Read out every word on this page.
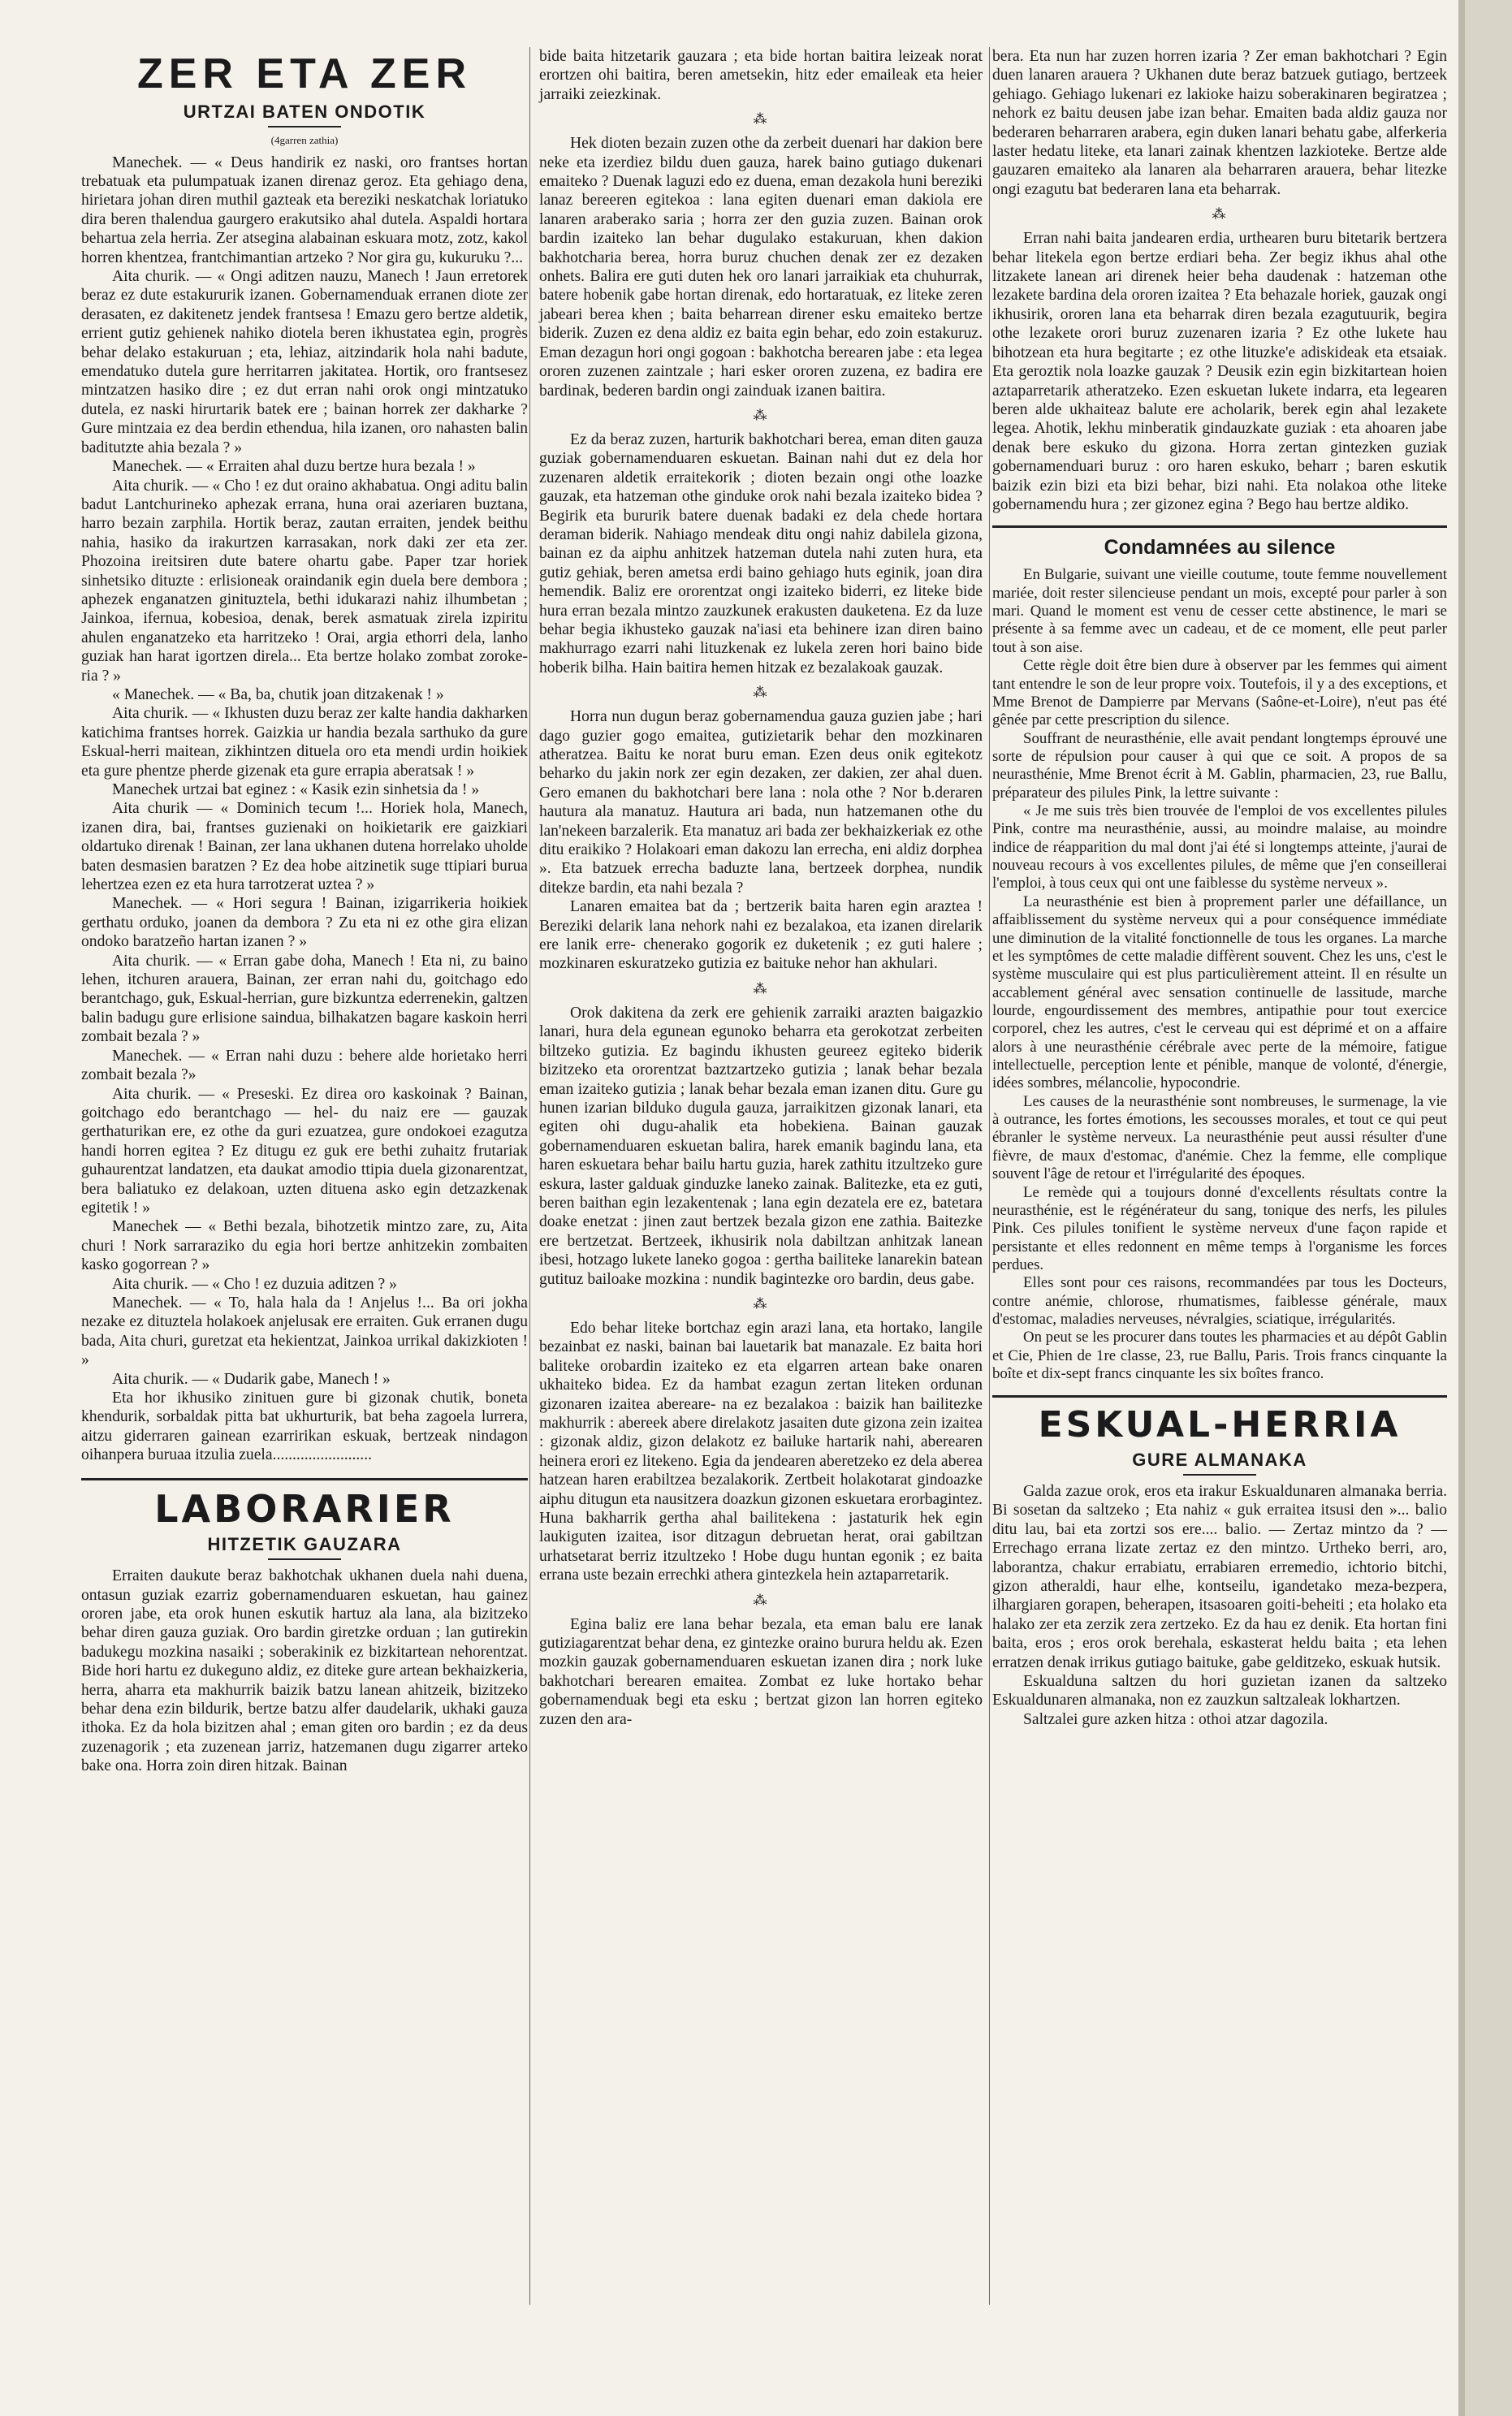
ZER ETA ZER
URTZAI BATEN ONDOTIK
(4garren zathia)

Manechek. — « Deus handirik ez naski, oro frantses hortan trebatuak eta pulumpatuak izanen direnaz geroz. Eta gehiago dena, hirietara johan diren muthil gazteak eta bereziki neskatchak loriatuko dira beren thalendua gaurgero erakutsiko ahal dutela. Aspaldi hortara behartua zela herria. Zer atsegina alabainan eskuara motz, zotz, kakol horren khentzea, frantchimantian artzeko ? Nor gira gu, kukuruku ?...

Aita churik. — « Ongi aditzen nauzu, Manech ! Jaun erretorek beraz ez dute estakururik izanen. Gobernamenduak erranen diote zer derasaten, ez dakitenetz jendek frantsesa ! Emazu gero bertze aldetik, errient gutiz gehienek nahiko diotela beren ikhustatea egin, progrès behar delako estakuruan ; eta, lehiaz, aitzindarik hola nahi badute, emendatuko dutela gure herritarren jakitatea. Hortik, oro frantsesez mintzatzen hasiko dire ; ez dut erran nahi orok ongi mintzatuko dutela, ez naski hirurtarik batek ere ; bainan horrek zer dakharke ? Gure mintzaia ez dea berdin ethendua, hila izanen, oro nahasten balin baditutzte ahia bezala ? »

Manechek. — « Erraiten ahal duzu bertze hura bezala ! »

Aita churik. — « Cho ! ez dut oraino akhabatua. Ongi aditu balin badut Lantchurineko aphezak errana, huna orai azeriaren buztana, harro bezain zarphila. Hortik beraz, zautan erraiten, jendek beithu nahia, hasiko da irakurtzen karrasakan, nork daki zer eta zer. Phozoina ireitsiren dute batere ohartu gabe. Paper tzar horiek sinhetsiko dituzte : erlisioneak oraindanik egin duela bere dembora ; aphezek enganatzen ginituztela, bethi idukarazi nahiz ilhumbetan ; Jainkoa, ifernua, kobesioa, denak, berek asmatuak zirela izpiritu ahulen enganatzeko eta harritzeko ! Orai, argia ethorri dela, lanho guziak han harat igortzen direla... Eta bertze holako zombat zoroke-ria ? »

« Manechek. — « Ba, ba, chutik joan ditzakenak ! »

Aita churik. — « Ikhusten duzu beraz zer kalte handia dakharken katichima frantses horrek. Gaizkia ur handia bezala sarthuko da gure Eskual-herri maitean, zikhintzen dituela oro eta mendi urdin hoikiek eta gure phentze pherde gizenak eta gure errapia aberatsak ! »

Manechek urtzai bat eginez : « Kasik ezin sinhetsia da ! »

Aita churik — « Dominich tecum !... Horiek hola, Manech, izanen dira, bai, frantses guzienaki on hoikietarik ere gaizkiari oldartuko direnak ! Bainan, zer lana ukhanen dutena horrelako uholde baten desmasien baratzen ? Ez dea hobe aitzinetik suge ttipiari burua lehertzea ezen ez eta hura tarrotzerat uztea ? »

Manechek. — « Hori segura ! Bainan, izigarrikeria hoikiek gerthatu orduko, joanen da dembora ? Zu eta ni ez othe gira elizan ondoko baratzeño hartan izanen ? »

Aita churik. — « Erran gabe doha, Manech ! Eta ni, zu baino lehen, itchuren arauera, Bainan, zer erran nahi du, goitchago edo berantchago, guk, Eskual-herrian, gure bizkuntza ederrenekin, galtzen balin badugu gure erlisione saindua, bilhakatzen bagare kaskoin herri zombait bezala ? »

Manechek. — « Erran nahi duzu : behere alde horietako herri zombait bezala ?»

Aita churik. — « Preseski. Ez direa oro kaskoinak ? Bainan, goitchago edo berantchago — hel- du naiz ere — gauzak gerthaturikan ere, ez othe da guri ezuatzea, gure ondokoei ezagutza handi horren egitea ? Ez ditugu ez guk ere bethi zuhaitz frutariak guhaurentzat landatzen, eta daukat amodio ttipia duela gizonarentzat, bera baliatuko ez delakoan, uzten dituena asko egin detzazkenak egitetik ! »

Manechek — « Bethi bezala, bihotzetik mintzo zare, zu, Aita churi ! Nork sarraraziko du egia hori bertze anhitzekin zombaiten kasko gogorrean ? »

Aita churik. — « Cho ! ez duzuia aditzen ? »

Manechek. — « To, hala hala da ! Anjelus !... Ba ori jokha nezake ez dituztela holakoek anjelusak ere erraiten. Guk erranen dugu bada, Aita churi, guretzat eta hekientzat, Jainkoa urrikal dakizkioten ! »

Aita churik. — « Dudarik gabe, Manech ! »

Eta hor ikhusiko zinituen gure bi gizonak chutik, boneta khendurik, sorbaldak pitta bat ukhurturik, bat beha zagoela lurrera, aitzu giderraren gainean ezarririkan eskuak, bertzeak nindagon oihanpera buruaa itzulia zuela.........................

LABORARIER
HITZETIK GAUZARA

Erraiten daukute beraz bakhotchak ukhanen duela nahi duena, ontasun guziak ezarriz gobernamenduaren eskuetan, hau gainez ororen jabe, eta orok hunen eskutik hartuz ala lana, ala bizitzeko behar diren gauza guziak. Oro bardin giretzke orduan ; lan gutirekin badukegu mozkina nasaiki ; soberakinik ez bizkitartean nehorentzat. Bide hori hartu ez dukeguno aldiz, ez diteke gure artean bekhaizkeria, herra, aharra eta makhurrik baizik batzu lanean ahitzeik, bizitzeko behar dena ezin bildurik, bertze batzu alfer daudelarik, ukhaki gauza ithoka. Ez da hola bizitzen ahal ; eman giten oro bardin ; ez da deus zuzenagorik ; eta zuzenean jarriz, hatzemanen dugu zigarrer arteko bake ona. Horra zoin diren hitzak. Bainan

bide baita hitzetarik gauzara ; eta bide hortan baitira leizeak norat erortzen ohi baitira, beren ametsekin, hitz eder emaileak eta heier jarraiki zeiezkinak.

⁂

Hek dioten bezain zuzen othe da zerbeit duenari har dakion bere neke eta izerdiez bildu duen gauza, harek baino gutiago dukenari emaiteko ? Duenak laguzi edo ez duena, eman dezakola huni bereziki lanaz bereeren egitekoa : lana egiten duenari eman dakiola ere lanaren araberako saria ; horra zer den guzia zuzen. Bainan orok bardin izaiteko lan behar dugulako estakuruan, khen dakion bakhotcharia berea, horra buruz chuchen denak zer ez dezaken onhets. Balira ere guti duten hek oro lanari jarraikiak eta chuhurrak, batere hobenik gabe hortan direnak, edo hortaratuak, ez liteke zeren jabeari berea khen ; baita beharrean direner esku emaiteko bertze biderik. Zuzen ez dena aldiz ez baita egin behar, edo zoin estakuruz. Eman dezagun hori ongi gogoan : bakhotcha berearen jabe : eta legea ororen zuzenen zaintzale ; hari esker ororen zuzena, ez badira ere bardinak, bederen bardin ongi zainduak izanen baitira.

⁂

Ez da beraz zuzen, harturik bakhotchari berea, eman diten gauza guziak gobernamenduaren eskuetan. Bainan nahi dut ez dela hor zuzenaren aldetik erraitekorik ; dioten bezain ongi othe loazke gauzak, eta hatzeman othe ginduke orok nahi bezala izaiteko bidea ? Begirik eta bururik batere duenak badaki ez dela chede hortara deraman biderik. Nahiago mendeak ditu ongi nahiz dabilela gizona, bainan ez da aiphu anhitzek hatzeman dutela nahi zuten hura, eta gutiz gehiak, beren ametsa erdi baino gehiago huts eginik, joan dira hemendik. Baliz ere ororentzat ongi izaiteko biderri, ez liteke bide hura erran bezala mintzo zauzkunek erakusten dauketena. Ez da luze behar begia ikhusteko gauzak na'iasi eta behinere izan diren baino makhurrago ezarri nahi lituzkenak ez lukela zeren hori baino bide hoberik bilha. Hain baitira hemen hitzak ez bezalakoak gauzak.

⁂

Horra nun dugun beraz gobernamendua gauza guzien jabe ; hari dago guzier gogo emaitea, gutizietarik behar den mozkinaren atheratzea. Baitu ke norat buru eman. Ezen deus onik egitekotz beharko du jakin nork zer egin dezaken, zer dakien, zer ahal duen. Gero emanen du bakhotchari bere lana : nola othe ? Nor b.deraren hautura ala manatuz. Hautura ari bada, nun hatzemanen othe du lan'nekeen barzalerik. Eta manatuz ari bada zer bekhaizkeriak ez othe ditu eraikiko ? Holakoari eman dakozu lan errecha, eni aldiz dorphea ». Eta batzuek errecha baduzte lana, bertzeek dorphea, nundik ditekze bardin, eta nahi bezala ?

Lanaren emaitea bat da ; bertzerik baita haren egin araztea ! Bereziki delarik lana nehork nahi ez bezalakoa, eta izanen direlarik ere lanik erre- chenerako gogorik ez duketenik ; ez guti halere ; mozkinaren eskuratzeko gutizia ez baituke nehor han akhulari.

⁂

Orok dakitena da zerk ere gehienik zarraiki arazten baigazkio lanari, hura dela egunean egunoko beharra eta gerokotzat zerbeiten biltzeko gutizia. Ez bagindu ikhusten geureez egiteko biderik bizitzeko eta ororentzat baztzartzeko gutizia ; lanak behar bezala eman izaiteko gutizia ; lanak behar bezala eman izanen ditu. Gure gu hunen izarian bilduko dugula gauza, jarraikitzen gizonak lanari, eta egiten ohi dugu-ahalik eta hobekiena. Bainan gauzak gobernamenduaren eskuetan balira, harek emanik bagindu lana, eta haren eskuetara behar bailu hartu guzia, harek zathitu itzultzeko gure eskura, laster galduak ginduzke laneko zainak. Balitezke, eta ez guti, beren baithan egin lezakentenak ; lana egin dezatela ere ez, batetara doake enetzat : jinen zaut bertzek bezala gizon ene zathia. Baitezke ere bertzetzat. Bertzeek, ikhusirik nola dabiltzan anhitzak lanean ibesi, hotzago lukete laneko gogoa : gertha bailiteke lanarekin batean gutituz bailoake mozkina : nundik bagintezke oro bardin, deus gabe.

⁂

Edo behar liteke bortchaz egin arazi lana, eta hortako, langile bezainbat ez naski, bainan bai lauetarik bat manazale. Ez baita hori baliteke orobardin izaiteko ez eta elgarren artean bake onaren ukhaiteko bidea. Ez da hambat ezagun zertan liteken ordunan gizonaren izaitea abereare- na ez bezalakoa : baizik han bailitezke makhurrik : abereek abere direlakotz jasaiten dute gizona zein izaitea : gizonak aldiz, gizon delakotz ez bailuke hartarik nahi, aberearen heinera erori ez litekeno. Egia da jendearen aberetzeko ez dela aberea hatzean haren erabiltzea bezalakorik. Zertbeit holakotarat gindoazke aiphu ditugun eta nausitzera doazkun gizonen eskuetara erorbagintez. Huna bakharrik gertha ahal bailitekena : jastaturik hek egin laukiguten izaitea, isor ditzagun debruetan herat, orai gabiltzan urhatsetarat berriz itzultzeko ! Hobe dugu huntan egonik ; ez baita errana uste bezain errechki athera gintezkela hein aztaparretarik.

⁂

Egina baliz ere lana behar bezala, eta eman balu ere lanak gutiziagarentzat behar dena, ez gintezke oraino burura heldu ak. Ezen mozkin gauzak gobernamenduaren eskuetan izanen dira ; nork luke bakhotchari berearen emaitea. Zombat ez luke hortako behar gobernamenduak begi eta esku ; bertzat gizon lan horren egiteko zuzen den ara-

bera. Eta nun har zuzen horren izaria ? Zer eman bakhotchari ? Egin duen lanaren arauera ? Ukhanen dute beraz batzuek gutiago, bertzeek gehiago. Gehiago lukenari ez lakioke haizu soberakinaren begiratzea ; nehork ez baitu deusen jabe izan behar. Emaiten bada aldiz gauza nor bederaren beharraren arabera, egin duken lanari behatu gabe, alferkeria laster hedatu liteke, eta lanari zainak khentzen lazkioteke. Bertze alde gauzaren emaiteko ala lanaren ala beharraren arauera, behar litezke ongi ezagutu bat bederaren lana eta beharrak.

⁂

Erran nahi baita jandearen erdia, urthearen buru bitetarik bertzera behar litekela egon bertze erdiari beha. Zer begiz ikhus ahal othe litzakete lanean ari direnek heier beha daudenak : hatzeman othe lezakete bardina dela ororen izaitea ? Eta behazale horiek, gauzak ongi ikhusirik, ororen lana eta beharrak diren bezala ezagutuurik, begira othe lezakete orori buruz zuzenaren izaria ? Ez othe lukete hau bihotzean eta hura begitarte ; ez othe lituzke'e adiskideak eta etsaiak. Eta geroztik nola loazke gauzak ? Deusik ezin egin bizkitartean hoien aztaparretarik atheratzeko. Ezen eskuetan lukete indarra, eta legearen beren alde ukhaiteaz balute ere acholarik, berek egin ahal lezakete legea. Ahotik, lekhu minberatik gindauzkate guziak : eta ahoaren jabe denak bere eskuko du gizona. Horra zertan gintezken guziak gobernamenduari buruz : oro haren eskuko, beharr ; baren eskutik baizik ezin bizi eta bizi behar, bizi nahi. Eta nolakoa othe liteke gobernamendu hura ; zer gizonez egina ? Bego hau bertze aldiko.

Condamnées au silence

En Bulgarie, suivant une vieille coutume, toute femme nouvellement mariée, doit rester silencieuse pendant un mois, excepté pour parler à son mari. Quand le moment est venu de cesser cette abstinence, le mari se présente à sa femme avec un cadeau, et de ce moment, elle peut parler tout à son aise.

Cette règle doit être bien dure à observer par les femmes qui aiment tant entendre le son de leur propre voix. Toutefois, il y a des exceptions, et Mme Brenot de Dampierre par Mervans (Saône-et-Loire), n'eut pas été gênée par cette prescription du silence.

Souffrant de neurasthénie, elle avait pendant longtemps éprouvé une sorte de répulsion pour causer à qui que ce soit. A propos de sa neurasthénie, Mme Brenot écrit à M. Gablin, pharmacien, 23, rue Ballu, préparateur des pilules Pink, la lettre suivante :

« Je me suis très bien trouvée de l'emploi de vos excellentes pilules Pink, contre ma neurasthénie, aussi, au moindre malaise, au moindre indice de réapparition du mal dont j'ai été si longtemps atteinte, j'aurai de nouveau recours à vos excellentes pilules, de même que j'en conseillerai l'emploi, à tous ceux qui ont une faiblesse du système nerveux ».

La neurasthénie est bien à proprement parler une défaillance, un affaiblissement du système nerveux qui a pour conséquence immédiate une diminution de la vitalité fonctionnelle de tous les organes. La marche et les symptômes de cette maladie diffèrent souvent. Chez les uns, c'est le système musculaire qui est plus particulièrement atteint. Il en résulte un accablement général avec sensation continuelle de lassitude, marche lourde, engourdissement des membres, antipathie pour tout exercice corporel, chez les autres, c'est le cerveau qui est déprimé et on a affaire alors à une neurasthénie cérébrale avec perte de la mémoire, fatigue intellectuelle, perception lente et pénible, manque de volonté, d'énergie, idées sombres, mélancolie, hypocondrie.

Les causes de la neurasthénie sont nombreuses, le surmenage, la vie à outrance, les fortes émotions, les secousses morales, et tout ce qui peut ébranler le système nerveux. La neurasthénie peut aussi résulter d'une fièvre, de maux d'estomac, d'anémie. Chez la femme, elle complique souvent l'âge de retour et l'irrégularité des époques.

Le remède qui a toujours donné d'excellents résultats contre la neurasthénie, est le régénérateur du sang, tonique des nerfs, les pilules Pink. Ces pilules tonifient le système nerveux d'une façon rapide et persistante et elles redonnent en même temps à l'organisme les forces perdues.

Elles sont pour ces raisons, recommandées par tous les Docteurs, contre anémie, chlorose, rhumatismes, faiblesse générale, maux d'estomac, maladies nerveuses, névralgies, sciatique, irrégularités.

On peut se les procurer dans toutes les pharmacies et au dépôt Gablin et Cie, Phien de 1re classe, 23, rue Ballu, Paris. Trois francs cinquante la boîte et dix-sept francs cinquante les six boîtes franco.

ESKUAL-HERRIA
GURE ALMANAKA

Galda zazue orok, eros eta irakur Eskualdunaren almanaka berria. Bi sosetan da saltzeko ; Eta nahiz « guk erraitea itsusi den »... balio ditu lau, bai eta zortzi sos ere.... balio. — Zertaz mintzo da ? — Errechago errana lizate zertaz ez den mintzo. Urtheko berri, aro, laborantza, chakur errabiatu, errabiaren erremedio, ichtorio bitchi, gizon atheraldi, haur elhe, kontseilu, igandetako meza-bezpera, ilhargiaren gorapen, beherapen, itsasoaren goiti-beheiti ; eta holako eta halako zer eta zerzik zera zertzeko. Ez da hau ez denik. Eta hortan fini baita, eros ; eros orok berehala, eskasterat heldu baita ; eta lehen erratzen denak irrikus gutiago baituke, gabe gelditzeko, eskuak hutsik.

Eskualduna saltzen du hori guzietan izanen da saltzeko Eskualdunaren almanaka, non ez zauzkun saltzaleak lokhartzen.

Saltzalei gure azken hitza : othoi atzar dagozila.
